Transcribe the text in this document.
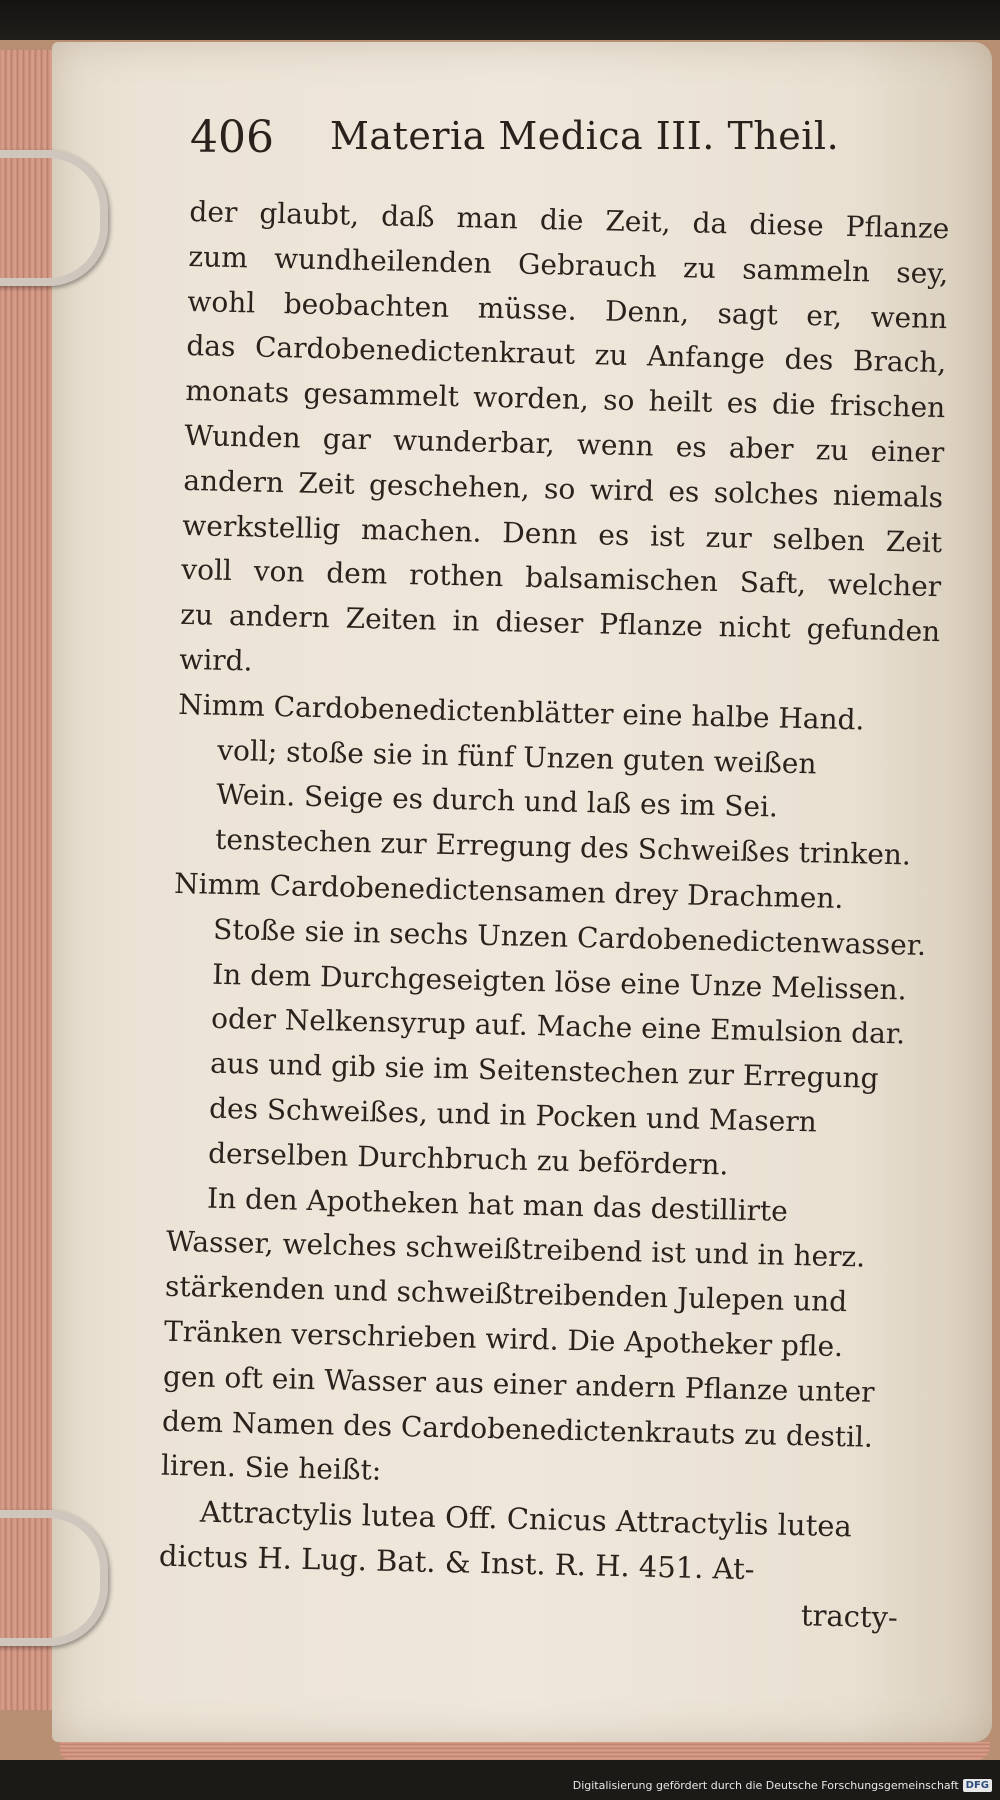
406 Materia Medica III. Theil.
der glaubt, daß man die Zeit, da diese Pflanze
zum wundheilenden Gebrauch zu sammeln sey,
wohl beobachten müsse. Denn, sagt er, wenn
das Cardobenedictenkraut zu Anfange des Brach,
monats gesammelt worden, so heilt es die frischen
Wunden gar wunderbar, wenn es aber zu einer
andern Zeit geschehen, so wird es solches niemals
werkstellig machen. Denn es ist zur selben Zeit
voll von dem rothen balsamischen Saft, welcher
zu andern Zeiten in dieser Pflanze nicht gefunden
wird.
Nimm Cardobenedictenblätter eine halbe Hand.
voll; stoße sie in fünf Unzen guten weißen
Wein. Seige es durch und laß es im Sei.
tenstechen zur Erregung des Schweißes trinken.
Nimm Cardobenedictensamen drey Drachmen.
Stoße sie in sechs Unzen Cardobenedictenwasser.
In dem Durchgeseigten löse eine Unze Melissen.
oder Nelkensyrup auf. Mache eine Emulsion dar.
aus und gib sie im Seitenstechen zur Erregung
des Schweißes, und in Pocken und Masern
derselben Durchbruch zu befördern.
In den Apotheken hat man das destillirte
Wasser, welches schweißtreibend ist und in herz.
stärkenden und schweißtreibenden Julepen und
Tränken verschrieben wird. Die Apotheker pfle.
gen oft ein Wasser aus einer andern Pflanze unter
dem Namen des Cardobenedictenkrauts zu destil.
liren. Sie heißt:
Attractylis lutea Off. Cnicus Attractylis lutea
dictus H. Lug. Bat. & Inst. R. H. 451. At-
tracty-
Digitalisierung gefördert durch die Deutsche Forschungsgemeinschaft DFG
